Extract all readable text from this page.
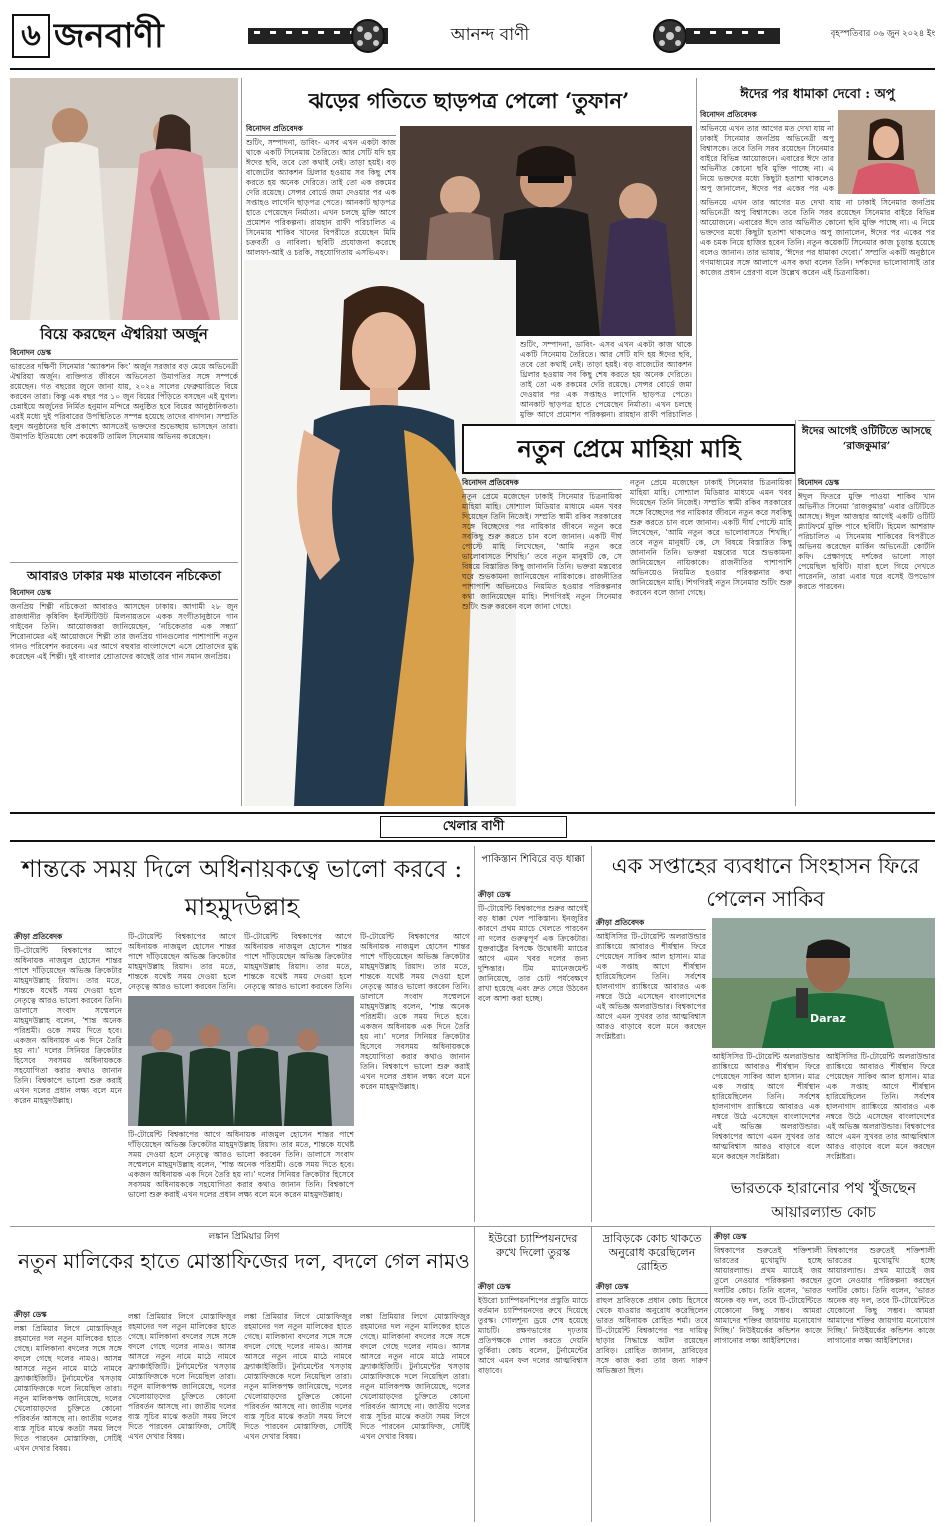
৬ জনবাণী	আনন্দ বাণী	বৃহস্পতিবার ০৬ জুন ২০২৪ ইং
বিয়ে করছেন ঐশ্বরিয়া অর্জুন
বিনোদন ডেস্ক
ভারতের দক্ষিণী সিনেমার ‘অ্যাকশন কিং’ অর্জুন সরজার বড় মেয়ে অভিনেত্রী ঐশ্বরিয়া অর্জুন। ব্যক্তিগত জীবনে অভিনেতা উমাপতির সঙ্গে সম্পর্কে রয়েছেন। গত বছরের জুনে জানা যায়, ২০২৪ সালের ফেব্রুয়ারিতে বিয়ে করবেন তারা। কিন্তু এক বছর পর ১০ জুন বিয়ের পিঁড়িতে বসছেন এই যুগল। চেন্নাইয়ে অর্জুনের নির্মিত হনুমান মন্দিরে অনুষ্ঠিত হবে বিয়ের আনুষ্ঠানিকতা। এরই মধ্যে দুই পরিবারের উপস্থিতিতে সম্পন্ন হয়েছে তাদের বাগদান। সম্প্রতি হলুদ অনুষ্ঠানের ছবি প্রকাশ্যে আসতেই ভক্তদের শুভেচ্ছায় ভাসছেন তারা। উমাপতি ইতিমধ্যে বেশ কয়েকটি তামিল সিনেমায় অভিনয় করেছেন।
আবারও ঢাকার মঞ্চ মাতাবেন নচিকেতা
বিনোদন ডেস্ক
জনপ্রিয় শিল্পী নচিকেতা আবারও আসছেন ঢাকায়। আগামী ২৮ জুন রাজধানীর কৃষিবিদ ইনস্টিটিউট মিলনায়তনে একক সংগীতানুষ্ঠানে গান গাইবেন তিনি। আয়োজকরা জানিয়েছেন, ‘নচিকেতার এক সন্ধ্যা’ শিরোনামের এই আয়োজনে শিল্পী তার জনপ্রিয় গানগুলোর পাশাপাশি নতুন গানও পরিবেশন করবেন। এর আগে বহুবার বাংলাদেশে এসে শ্রোতাদের মুগ্ধ করেছেন এই শিল্পী। দুই বাংলার শ্রোতাদের কাছেই তার গান সমান জনপ্রিয়।
ঝড়ের গতিতে ছাড়পত্র পেলো ‘তুফান’
বিনোদন প্রতিবেদক
শুটিং, সম্পাদনা, ডাবিং- এসব এখন একটা কাজ থাকে একটি সিনেমায় তৈরিতে। আর সেটি যদি হয় ঈদের ছবি, তবে তো কথাই নেই। তাড়া হয়ই। বড় বাজেটের অ্যাকশন থ্রিলার হওয়ায় সব কিছু শেষ করতে হয় অনেক দেরিতে। তাই তো এক রকমের দেরি রয়েছে। সেন্সর বোর্ডে জমা দেওয়ার পর এক সপ্তাহও লাগেনি ছাড়পত্র পেতে। আনকাট ছাড়পত্র হাতে পেয়েছেন নির্মাতা। এখন চলছে মুক্তি আগে প্রমোশন পরিকল্পনা। রায়হান রাফী পরিচালিত এ সিনেমায় শাকিব খানের বিপরীতে রয়েছেন মিমি চক্রবর্তী ও নাবিলা। ছবিটি প্রযোজনা করেছে আলফা-আই ও চরকি, সহযোগিতায় এসভিএফ।
শুটিং, সম্পাদনা, ডাবিং- এসব এখন একটা কাজ থাকে একটি সিনেমায় তৈরিতে। আর সেটি যদি হয় ঈদের ছবি, তবে তো কথাই নেই। তাড়া হয়ই। বড় বাজেটের অ্যাকশন থ্রিলার হওয়ায় সব কিছু শেষ করতে হয় অনেক দেরিতে। তাই তো এক রকমের দেরি রয়েছে। সেন্সর বোর্ডে জমা দেওয়ার পর এক সপ্তাহও লাগেনি ছাড়পত্র পেতে। আনকাট ছাড়পত্র হাতে পেয়েছেন নির্মাতা। এখন চলছে মুক্তি আগে প্রমোশন পরিকল্পনা। রায়হান রাফী পরিচালিত
নতুন প্রেমে মাহিয়া মাহি
বিনোদন প্রতিবেদক
নতুন প্রেমে মজেছেন ঢাকাই সিনেমার চিত্রনায়িকা মাহিয়া মাহি। সোশ্যাল মিডিয়ার মাধ্যমে এমন খবর দিয়েছেন তিনি নিজেই। সম্প্রতি স্বামী রকিব সরকারের সঙ্গে বিচ্ছেদের পর নায়িকার জীবনে নতুন করে সবকিছু শুরু করতে চান বলে জানান। একটি দীর্ঘ পোস্টে মাহি লিখেছেন, ‘আমি নতুন করে ভালোবাসতে শিখছি।’ তবে নতুন মানুষটি কে, সে বিষয়ে বিস্তারিত কিছু জানাননি তিনি। ভক্তরা মন্তব্যের ঘরে শুভকামনা জানিয়েছেন নায়িকাকে। রাজনীতির পাশাপাশি অভিনয়েও নিয়মিত হওয়ার পরিকল্পনার কথা জানিয়েছেন মাহি। শিগগিরই নতুন সিনেমার শুটিং শুরু করবেন বলে জানা গেছে।
নতুন প্রেমে মজেছেন ঢাকাই সিনেমার চিত্রনায়িকা মাহিয়া মাহি। সোশ্যাল মিডিয়ার মাধ্যমে এমন খবর দিয়েছেন তিনি নিজেই। সম্প্রতি স্বামী রকিব সরকারের সঙ্গে বিচ্ছেদের পর নায়িকার জীবনে নতুন করে সবকিছু শুরু করতে চান বলে জানান। একটি দীর্ঘ পোস্টে মাহি লিখেছেন, ‘আমি নতুন করে ভালোবাসতে শিখছি।’ তবে নতুন মানুষটি কে, সে বিষয়ে বিস্তারিত কিছু জানাননি তিনি। ভক্তরা মন্তব্যের ঘরে শুভকামনা জানিয়েছেন নায়িকাকে। রাজনীতির পাশাপাশি অভিনয়েও নিয়মিত হওয়ার পরিকল্পনার কথা জানিয়েছেন মাহি। শিগগিরই নতুন সিনেমার শুটিং শুরু করবেন বলে জানা গেছে।
ঈদের পর ধামাকা দেবো : অপু
বিনোদন প্রতিবেদক
অভিনয়ে এখন তার আগের মত দেখা যায় না ঢাকাই সিনেমার জনপ্রিয় অভিনেত্রী অপু বিশ্বাসকে। তবে তিনি সরব রয়েছেন সিনেমার বাইরে বিভিন্ন আয়োজনে। এবারের ঈদে তার অভিনীত কোনো ছবি মুক্তি পাচ্ছে না। এ নিয়ে ভক্তদের মধ্যে কিছুটা হতাশা থাকলেও অপু জানালেন, ঈদের পর একের পর এক
অভিনয়ে এখন তার আগের মত দেখা যায় না ঢাকাই সিনেমার জনপ্রিয় অভিনেত্রী অপু বিশ্বাসকে। তবে তিনি সরব রয়েছেন সিনেমার বাইরে বিভিন্ন আয়োজনে। এবারের ঈদে তার অভিনীত কোনো ছবি মুক্তি পাচ্ছে না। এ নিয়ে ভক্তদের মধ্যে কিছুটা হতাশা থাকলেও অপু জানালেন, ঈদের পর একের পর এক চমক নিয়ে হাজির হবেন তিনি। নতুন কয়েকটি সিনেমার কাজ চূড়ান্ত হয়েছে বলেও জানান। তার ভাষায়, ‘ঈদের পর ধামাকা দেবো।’ সম্প্রতি একটি অনুষ্ঠানে গণমাধ্যমের সঙ্গে আলাপে এসব কথা বলেন তিনি। দর্শকদের ভালোবাসাই তার কাজের প্রধান প্রেরণা বলে উল্লেখ করেন এই চিত্রনায়িকা।
ঈদের আগেই ওটিটিতে আসছে ‘রাজকুমার’
বিনোদন ডেস্ক
ঈদুল ফিতরে মুক্তি পাওয়া শাকিব খান অভিনীত সিনেমা ‘রাজকুমার’ এবার ওটিটিতে আসছে। ঈদুল আজহার আগেই একটি ওটিটি প্ল্যাটফর্মে মুক্তি পাবে ছবিটি। হিমেল আশরাফ পরিচালিত এ সিনেমায় শাকিবের বিপরীতে অভিনয় করেছেন মার্কিন অভিনেত্রী কোর্টনি কফি। প্রেক্ষাগৃহে দর্শকের ভালো সাড়া পেয়েছিল ছবিটি। যারা হলে গিয়ে দেখতে পারেননি, তারা এবার ঘরে বসেই উপভোগ করতে পারবেন।
খেলার বাণী
শান্তকে সময় দিলে অধিনায়কত্বে ভালো করবে : মাহমুদউল্লাহ
ক্রীড়া প্রতিবেদক
টি-টোয়েন্টি বিশ্বকাপের আগে অধিনায়ক নাজমুল হোসেন শান্তর পাশে দাঁড়িয়েছেন অভিজ্ঞ ক্রিকেটার মাহমুদউল্লাহ রিয়াদ। তার মতে, শান্তকে যথেষ্ট সময় দেওয়া হলে নেতৃত্বে আরও ভালো করবেন তিনি। ডালাসে সংবাদ সম্মেলনে মাহমুদউল্লাহ বলেন, ‘শান্ত অনেক পরিশ্রমী। ওকে সময় দিতে হবে। একজন অধিনায়ক এক দিনে তৈরি হয় না।’ দলের সিনিয়র ক্রিকেটার হিসেবে সবসময় অধিনায়ককে সহযোগিতা করার কথাও জানান তিনি। বিশ্বকাপে ভালো শুরু করাই এখন দলের প্রধান লক্ষ্য বলে মনে করেন মাহমুদউল্লাহ।
টি-টোয়েন্টি বিশ্বকাপের আগে অধিনায়ক নাজমুল হোসেন শান্তর পাশে দাঁড়িয়েছেন অভিজ্ঞ ক্রিকেটার মাহমুদউল্লাহ রিয়াদ। তার মতে, শান্তকে যথেষ্ট সময় দেওয়া হলে নেতৃত্বে আরও ভালো করবেন তিনি।
টি-টোয়েন্টি বিশ্বকাপের আগে অধিনায়ক নাজমুল হোসেন শান্তর পাশে দাঁড়িয়েছেন অভিজ্ঞ ক্রিকেটার মাহমুদউল্লাহ রিয়াদ। তার মতে, শান্তকে যথেষ্ট সময় দেওয়া হলে নেতৃত্বে আরও ভালো করবেন তিনি।
টি-টোয়েন্টি বিশ্বকাপের আগে অধিনায়ক নাজমুল হোসেন শান্তর পাশে দাঁড়িয়েছেন অভিজ্ঞ ক্রিকেটার মাহমুদউল্লাহ রিয়াদ। তার মতে, শান্তকে যথেষ্ট সময় দেওয়া হলে নেতৃত্বে আরও ভালো করবেন তিনি। ডালাসে সংবাদ সম্মেলনে মাহমুদউল্লাহ বলেন, ‘শান্ত অনেক পরিশ্রমী। ওকে সময় দিতে হবে। একজন অধিনায়ক এক দিনে তৈরি হয় না।’ দলের সিনিয়র ক্রিকেটার হিসেবে সবসময় অধিনায়ককে সহযোগিতা করার কথাও জানান তিনি। বিশ্বকাপে ভালো শুরু করাই এখন দলের প্রধান লক্ষ্য বলে মনে করেন মাহমুদউল্লাহ।
টি-টোয়েন্টি বিশ্বকাপের আগে অধিনায়ক নাজমুল হোসেন শান্তর পাশে দাঁড়িয়েছেন অভিজ্ঞ ক্রিকেটার মাহমুদউল্লাহ রিয়াদ। তার মতে, শান্তকে যথেষ্ট সময় দেওয়া হলে নেতৃত্বে আরও ভালো করবেন তিনি। ডালাসে সংবাদ সম্মেলনে মাহমুদউল্লাহ বলেন, ‘শান্ত অনেক পরিশ্রমী। ওকে সময় দিতে হবে। একজন অধিনায়ক এক দিনে তৈরি হয় না।’ দলের সিনিয়র ক্রিকেটার হিসেবে সবসময় অধিনায়ককে সহযোগিতা করার কথাও জানান তিনি। বিশ্বকাপে ভালো শুরু করাই এখন দলের প্রধান লক্ষ্য বলে মনে করেন মাহমুদউল্লাহ।
পাকিস্তান শিবিরে বড় ধাক্কা
ক্রীড়া ডেস্ক
টি-টোয়েন্টি বিশ্বকাপের শুরুর আগেই বড় ধাক্কা খেল পাকিস্তান। ইনজুরির কারণে প্রথম ম্যাচে খেলতে পারবেন না দলের গুরুত্বপূর্ণ এক ক্রিকেটার। যুক্তরাষ্ট্রের বিপক্ষে উদ্বোধনী ম্যাচের আগে এমন খবর দলের জন্য দুশ্চিন্তার। টিম ম্যানেজমেন্ট জানিয়েছে, তার চোট পর্যবেক্ষণে রাখা হয়েছে এবং দ্রুত সেরে উঠবেন বলে আশা করা হচ্ছে।
এক সপ্তাহের ব্যবধানে সিংহাসন ফিরে পেলেন সাকিব
ক্রীড়া প্রতিবেদক
আইসিসির টি-টোয়েন্টি অলরাউন্ডার র‍্যাঙ্কিংয়ে আবারও শীর্ষস্থান ফিরে পেয়েছেন সাকিব আল হাসান। মাত্র এক সপ্তাহ আগে শীর্ষস্থান হারিয়েছিলেন তিনি। সর্বশেষ হালনাগাদ র‍্যাঙ্কিংয়ে আবারও এক নম্বরে উঠে এসেছেন বাংলাদেশের এই অভিজ্ঞ অলরাউন্ডার। বিশ্বকাপের আগে এমন সুখবর তার আত্মবিশ্বাস আরও বাড়াবে বলে মনে করছেন সংশ্লিষ্টরা।
Daraz
আইসিসির টি-টোয়েন্টি অলরাউন্ডার র‍্যাঙ্কিংয়ে আবারও শীর্ষস্থান ফিরে পেয়েছেন সাকিব আল হাসান। মাত্র এক সপ্তাহ আগে শীর্ষস্থান হারিয়েছিলেন তিনি। সর্বশেষ হালনাগাদ র‍্যাঙ্কিংয়ে আবারও এক নম্বরে উঠে এসেছেন বাংলাদেশের এই অভিজ্ঞ অলরাউন্ডার। বিশ্বকাপের আগে এমন সুখবর তার আত্মবিশ্বাস আরও বাড়াবে বলে মনে করছেন সংশ্লিষ্টরা।
আইসিসির টি-টোয়েন্টি অলরাউন্ডার র‍্যাঙ্কিংয়ে আবারও শীর্ষস্থান ফিরে পেয়েছেন সাকিব আল হাসান। মাত্র এক সপ্তাহ আগে শীর্ষস্থান হারিয়েছিলেন তিনি। সর্বশেষ হালনাগাদ র‍্যাঙ্কিংয়ে আবারও এক নম্বরে উঠে এসেছেন বাংলাদেশের এই অভিজ্ঞ অলরাউন্ডার। বিশ্বকাপের আগে এমন সুখবর তার আত্মবিশ্বাস আরও বাড়াবে বলে মনে করছেন সংশ্লিষ্টরা।
ভারতকে হারানোর পথ খুঁজছেন আয়ারল্যান্ড কোচ
লঙ্কান প্রিমিয়ার লিগ
নতুন মালিকের হাতে মোস্তাফিজের দল, বদলে গেল নামও
ক্রীড়া ডেস্ক
লঙ্কা প্রিমিয়ার লিগে মোস্তাফিজুর রহমানের দল নতুন মালিকের হাতে গেছে। মালিকানা বদলের সঙ্গে সঙ্গে বদলে গেছে দলের নামও। আসন্ন আসরে নতুন নামে মাঠে নামবে ফ্র্যাঞ্চাইজিটি। টুর্নামেন্টের খসড়ায় মোস্তাফিজকে দলে নিয়েছিল তারা। নতুন মালিকপক্ষ জানিয়েছে, দলের খেলোয়াড়দের চুক্তিতে কোনো পরিবর্তন আসছে না। জাতীয় দলের ব্যস্ত সূচির মাঝে কতটা সময় লিগে দিতে পারবেন মোস্তাফিজ, সেটিই এখন দেখার বিষয়।
লঙ্কা প্রিমিয়ার লিগে মোস্তাফিজুর রহমানের দল নতুন মালিকের হাতে গেছে। মালিকানা বদলের সঙ্গে সঙ্গে বদলে গেছে দলের নামও। আসন্ন আসরে নতুন নামে মাঠে নামবে ফ্র্যাঞ্চাইজিটি। টুর্নামেন্টের খসড়ায় মোস্তাফিজকে দলে নিয়েছিল তারা। নতুন মালিকপক্ষ জানিয়েছে, দলের খেলোয়াড়দের চুক্তিতে কোনো পরিবর্তন আসছে না। জাতীয় দলের ব্যস্ত সূচির মাঝে কতটা সময় লিগে দিতে পারবেন মোস্তাফিজ, সেটিই এখন দেখার বিষয়।
লঙ্কা প্রিমিয়ার লিগে মোস্তাফিজুর রহমানের দল নতুন মালিকের হাতে গেছে। মালিকানা বদলের সঙ্গে সঙ্গে বদলে গেছে দলের নামও। আসন্ন আসরে নতুন নামে মাঠে নামবে ফ্র্যাঞ্চাইজিটি। টুর্নামেন্টের খসড়ায় মোস্তাফিজকে দলে নিয়েছিল তারা। নতুন মালিকপক্ষ জানিয়েছে, দলের খেলোয়াড়দের চুক্তিতে কোনো পরিবর্তন আসছে না। জাতীয় দলের ব্যস্ত সূচির মাঝে কতটা সময় লিগে দিতে পারবেন মোস্তাফিজ, সেটিই এখন দেখার বিষয়।
লঙ্কা প্রিমিয়ার লিগে মোস্তাফিজুর রহমানের দল নতুন মালিকের হাতে গেছে। মালিকানা বদলের সঙ্গে সঙ্গে বদলে গেছে দলের নামও। আসন্ন আসরে নতুন নামে মাঠে নামবে ফ্র্যাঞ্চাইজিটি। টুর্নামেন্টের খসড়ায় মোস্তাফিজকে দলে নিয়েছিল তারা। নতুন মালিকপক্ষ জানিয়েছে, দলের খেলোয়াড়দের চুক্তিতে কোনো পরিবর্তন আসছে না। জাতীয় দলের ব্যস্ত সূচির মাঝে কতটা সময় লিগে দিতে পারবেন মোস্তাফিজ, সেটিই এখন দেখার বিষয়।
ইউরো চ্যাম্পিয়নদের রুখে দিলো তুরস্ক
ক্রীড়া ডেস্ক
ইউরো চ্যাম্পিয়নশিপের প্রস্তুতি ম্যাচে বর্তমান চ্যাম্পিয়নদের রুখে দিয়েছে তুরস্ক। গোলশূন্য ড্রয়ে শেষ হয়েছে ম্যাচটি। রক্ষণভাগের দৃঢ়তায় প্রতিপক্ষকে গোল করতে দেয়নি তুর্কিরা। কোচ বলেন, টুর্নামেন্টের আগে এমন ফল দলের আত্মবিশ্বাস বাড়াবে।
দ্রাবিড়কে কোচ থাকতে অনুরোধ করেছিলেন রোহিত
ক্রীড়া ডেস্ক
রাহুল দ্রাবিড়কে প্রধান কোচ হিসেবে থেকে যাওয়ার অনুরোধ করেছিলেন ভারত অধিনায়ক রোহিত শর্মা। তবে টি-টোয়েন্টি বিশ্বকাপের পর দায়িত্ব ছাড়ার সিদ্ধান্তে অটল রয়েছেন দ্রাবিড়। রোহিত জানান, দ্রাবিড়ের সঙ্গে কাজ করা তার জন্য দারুণ অভিজ্ঞতা ছিল।
ক্রীড়া ডেস্ক
বিশ্বকাপের শুরুতেই শক্তিশালী ভারতের মুখোমুখি হচ্ছে আয়ারল্যান্ড। প্রথম ম্যাচেই জয় তুলে নেওয়ার পরিকল্পনা করছেন দলটির কোচ। তিনি বলেন, ‘ভারত অনেক বড় দল, তবে টি-টোয়েন্টিতে যেকোনো কিছু সম্ভব। আমরা আমাদের শক্তির জায়গায় মনোযোগ দিচ্ছি।’ নিউইয়র্কের কন্ডিশন কাজে লাগানোর লক্ষ্য আইরিশদের।
বিশ্বকাপের শুরুতেই শক্তিশালী ভারতের মুখোমুখি হচ্ছে আয়ারল্যান্ড। প্রথম ম্যাচেই জয় তুলে নেওয়ার পরিকল্পনা করছেন দলটির কোচ। তিনি বলেন, ‘ভারত অনেক বড় দল, তবে টি-টোয়েন্টিতে যেকোনো কিছু সম্ভব। আমরা আমাদের শক্তির জায়গায় মনোযোগ দিচ্ছি।’ নিউইয়র্কের কন্ডিশন কাজে লাগানোর লক্ষ্য আইরিশদের।
